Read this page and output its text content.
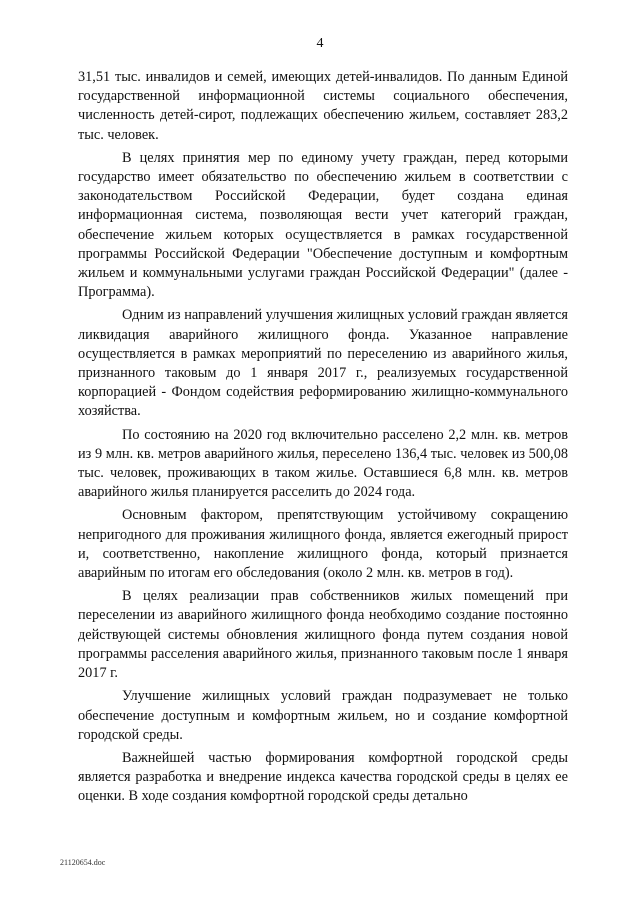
4

31,51 тыс. инвалидов и семей, имеющих детей-инвалидов. По данным Единой государственной информационной системы социального обеспечения, численность детей-сирот, подлежащих обеспечению жильем, составляет 283,2 тыс. человек.

В целях принятия мер по единому учету граждан, перед которыми государство имеет обязательство по обеспечению жильем в соответствии с законодательством Российской Федерации, будет создана единая информационная система, позволяющая вести учет категорий граждан, обеспечение жильем которых осуществляется в рамках государственной программы Российской Федерации "Обеспечение доступным и комфортным жильем и коммунальными услугами граждан Российской Федерации" (далее - Программа).

Одним из направлений улучшения жилищных условий граждан является ликвидация аварийного жилищного фонда. Указанное направление осуществляется в рамках мероприятий по переселению из аварийного жилья, признанного таковым до 1 января 2017 г., реализуемых государственной корпорацией - Фондом содействия реформированию жилищно-коммунального хозяйства.

По состоянию на 2020 год включительно расселено 2,2 млн. кв. метров из 9 млн. кв. метров аварийного жилья, переселено 136,4 тыс. человек из 500,08 тыс. человек, проживающих в таком жилье. Оставшиеся 6,8 млн. кв. метров аварийного жилья планируется расселить до 2024 года.

Основным фактором, препятствующим устойчивому сокращению непригодного для проживания жилищного фонда, является ежегодный прирост и, соответственно, накопление жилищного фонда, который признается аварийным по итогам его обследования (около 2 млн. кв. метров в год).

В целях реализации прав собственников жилых помещений при переселении из аварийного жилищного фонда необходимо создание постоянно действующей системы обновления жилищного фонда путем создания новой программы расселения аварийного жилья, признанного таковым после 1 января 2017 г.

Улучшение жилищных условий граждан подразумевает не только обеспечение доступным и комфортным жильем, но и создание комфортной городской среды.

Важнейшей частью формирования комфортной городской среды является разработка и внедрение индекса качества городской среды в целях ее оценки. В ходе создания комфортной городской среды детально

21120654.doc
